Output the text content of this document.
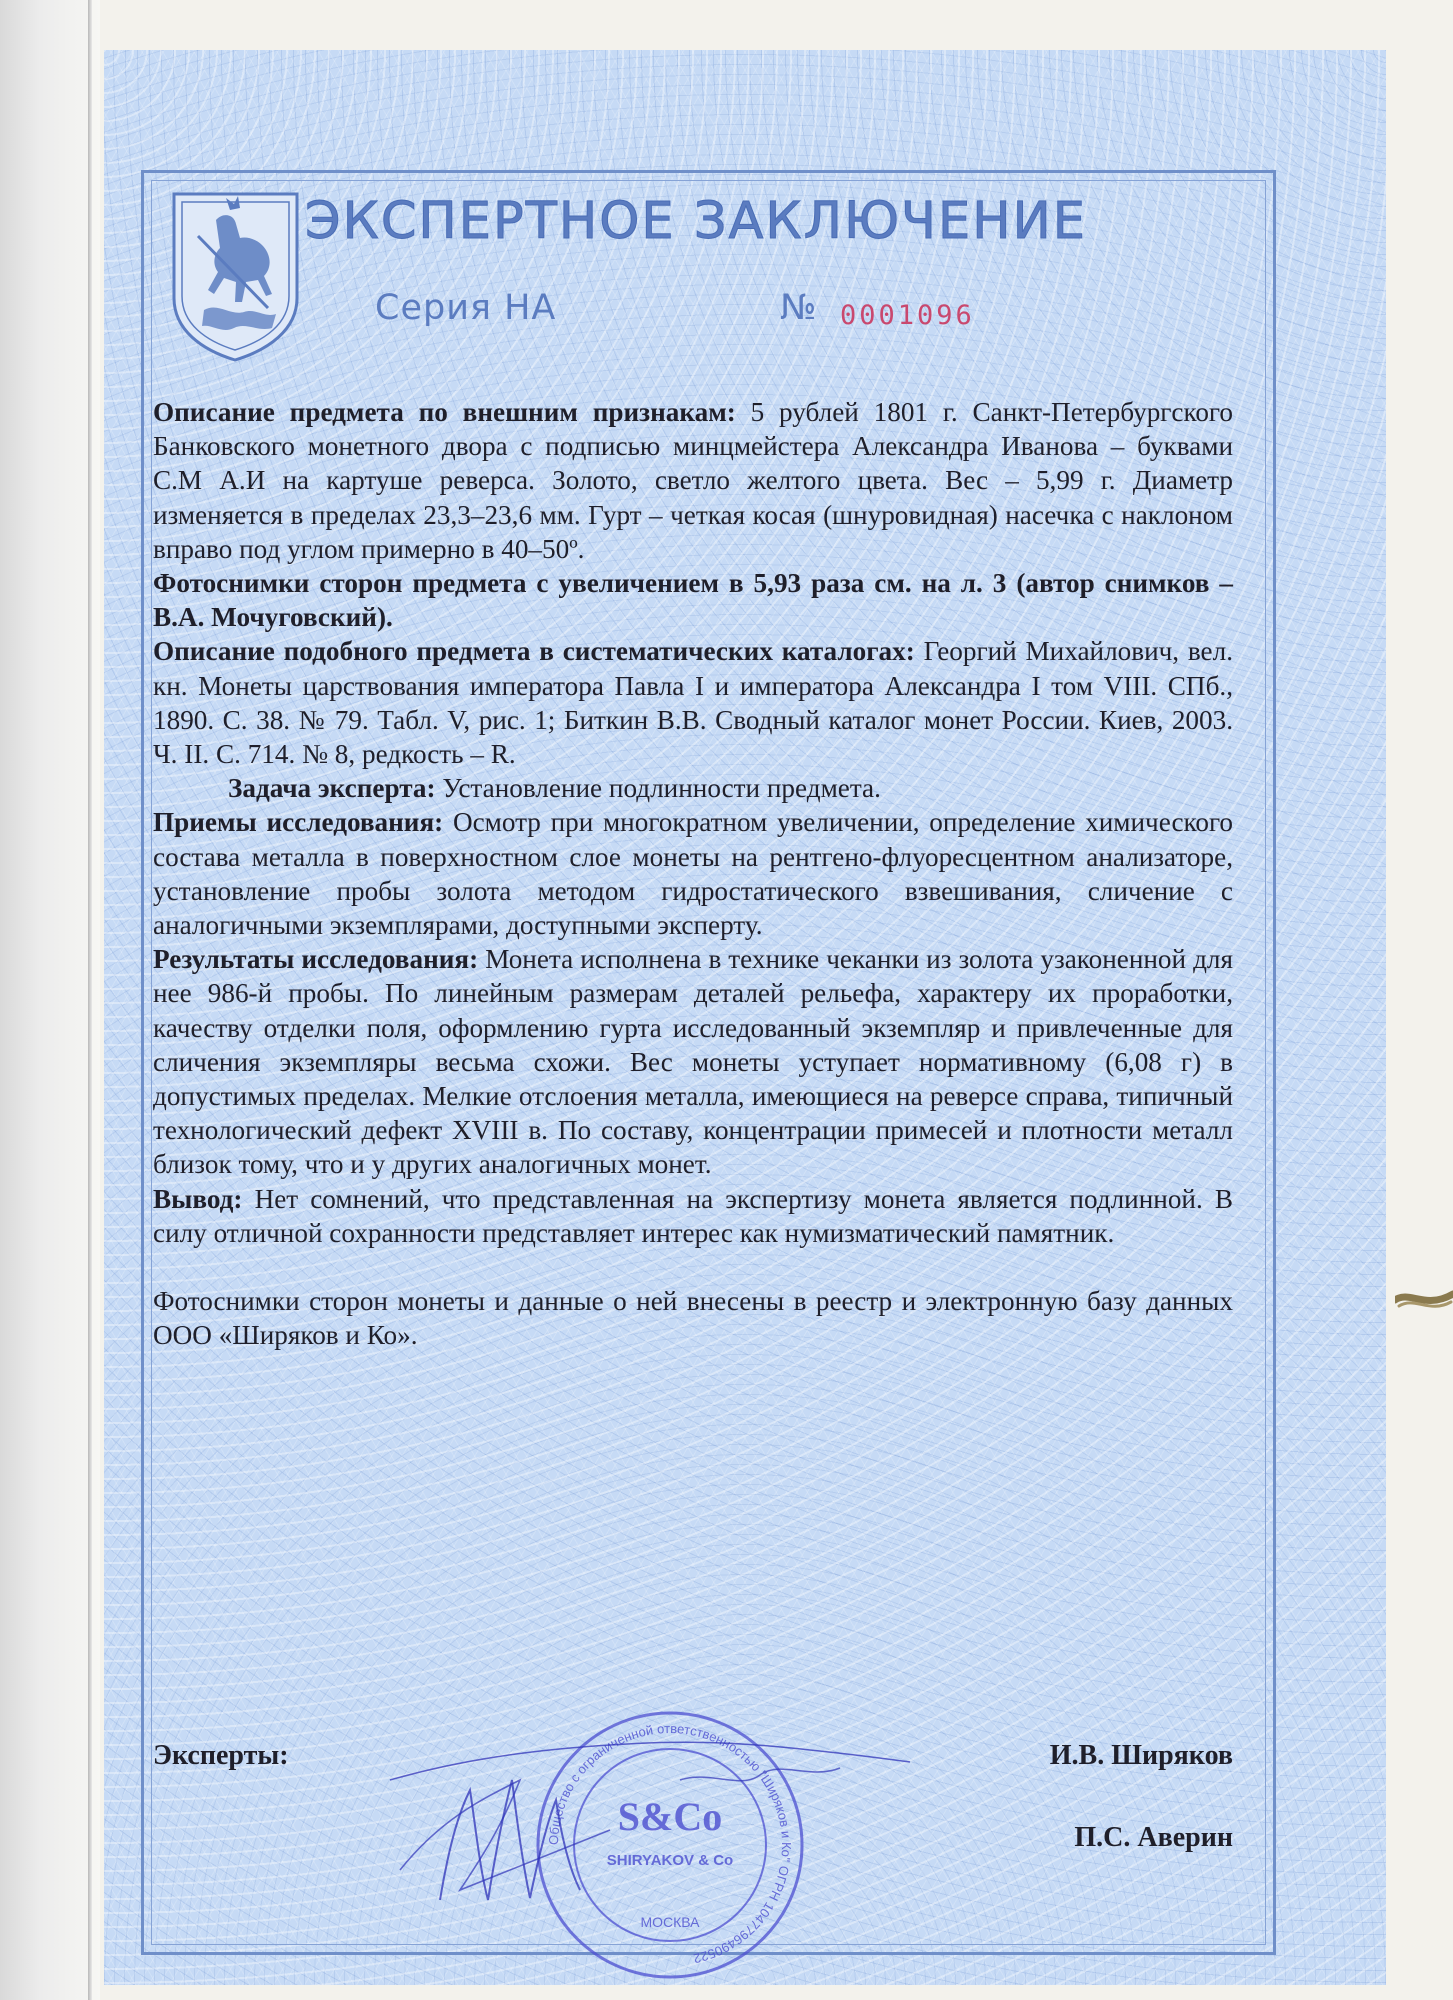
ЭКСПЕРТНОЕ ЗАКЛЮЧЕНИЕ
Серия НА	№ 0001096

Описание предмета по внешним признакам: 5 рублей 1801 г. Санкт-Петербургского Банковского монетного двора с подписью минцмейстера Александра Иванова – буквами С.М А.И на картуше реверса. Золото, светло желтого цвета. Вес – 5,99 г. Диаметр изменяется в пределах 23,3–23,6 мм. Гурт – четкая косая (шнуровидная) насечка с наклоном вправо под углом примерно в 40–50º.

Фотоснимки сторон предмета с увеличением в 5,93 раза см. на л. 3 (автор снимков – В.А. Мочуговский).

Описание подобного предмета в систематических каталогах: Георгий Михайлович, вел. кн. Монеты царствования императора Павла I и императора Александра I том VIII. СПб., 1890. С. 38. № 79. Табл. V, рис. 1; Биткин В.В. Сводный каталог монет России. Киев, 2003. Ч. II. С. 714. № 8, редкость – R.

Задача эксперта: Установление подлинности предмета.

Приемы исследования: Осмотр при многократном увеличении, определение химического состава металла в поверхностном слое монеты на рентгено-флуоресцентном анализаторе, установление пробы золота методом гидростатического взвешивания, сличение с аналогичными экземплярами, доступными эксперту.

Результаты исследования: Монета исполнена в технике чеканки из золота узаконенной для нее 986-й пробы. По линейным размерам деталей рельефа, характеру их проработки, качеству отделки поля, оформлению гурта исследованный экземпляр и привлеченные для сличения экземпляры весьма схожи. Вес монеты уступает нормативному (6,08 г) в допустимых пределах. Мелкие отслоения металла, имеющиеся на реверсе справа, типичный технологический дефект XVIII в. По составу, концентрации примесей и плотности металл близок тому, что и у других аналогичных монет.

Вывод: Нет сомнений, что представленная на экспертизу монета является подлинной. В силу отличной сохранности представляет интерес как нумизматический памятник.

Фотоснимки сторон монеты и данные о ней внесены в реестр и электронную базу данных ООО «Ширяков и Ко».

Эксперты:	И.В. Ширяков
П.С. Аверин
Общество с ограниченной ответственностью "Ширяков и Ко" ОГРН 1047796490522
S&Co
SHIRYAKOV & Co
МОСКВА
